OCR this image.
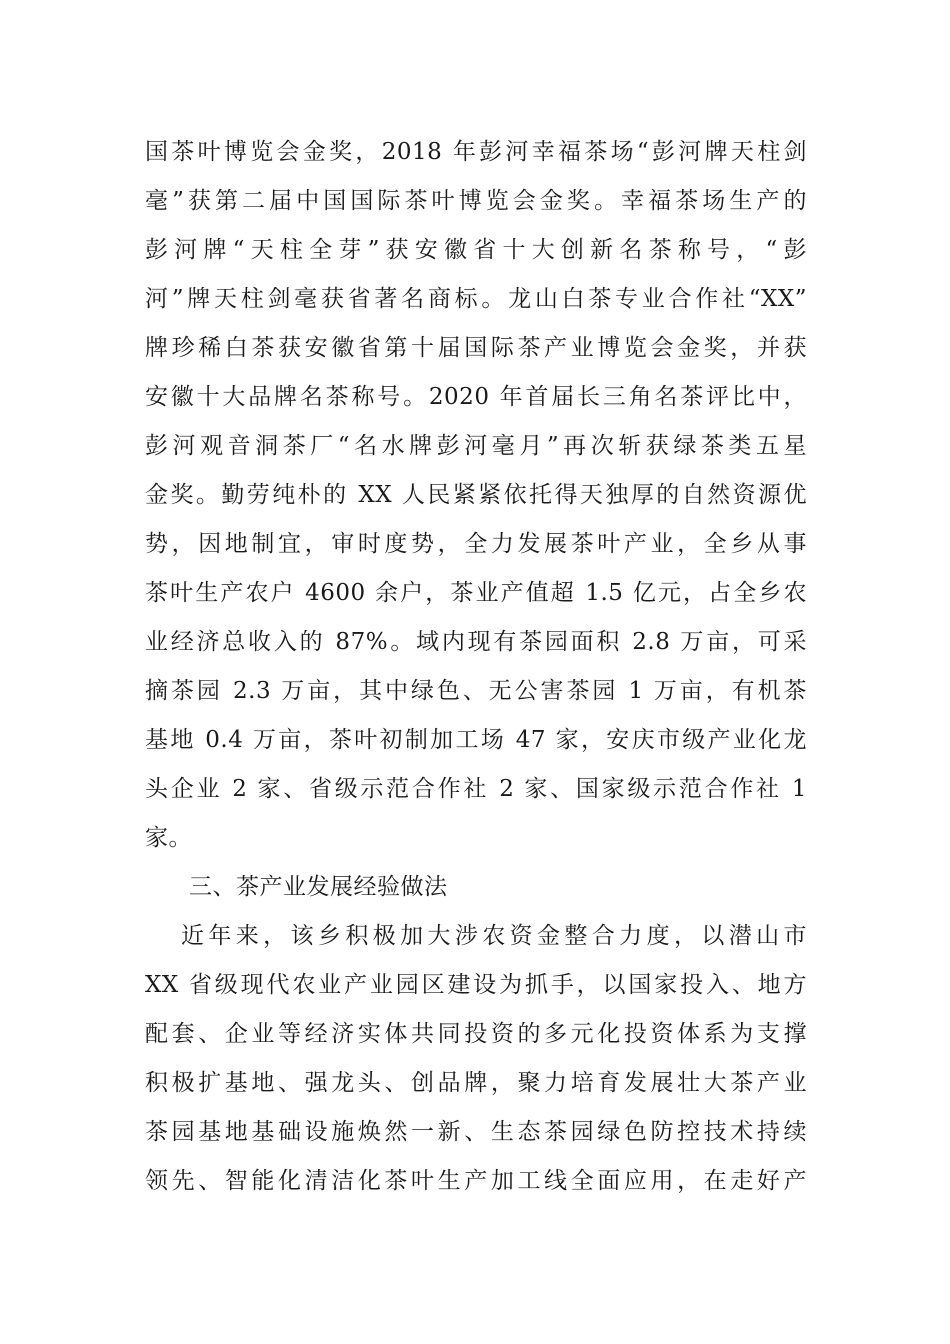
国茶叶博览会金奖，2018 年彭河幸福茶场“彭河牌天柱剑
毫”获第二届中国国际茶叶博览会金奖。幸福茶场生产的
彭河牌“天柱全芽”获安徽省十大创新名茶称号，“彭
河”牌天柱剑毫获省著名商标。龙山白茶专业合作社“XX”
牌珍稀白茶获安徽省第十届国际茶产业博览会金奖，并获
安徽十大品牌名茶称号。2020 年首届长三角名茶评比中，
彭河观音洞茶厂“名水牌彭河毫月”再次斩获绿茶类五星
金奖。勤劳纯朴的 XX 人民紧紧依托得天独厚的自然资源优
势，因地制宜，审时度势，全力发展茶叶产业，全乡从事
茶叶生产农户 4600 余户，茶业产值超 1.5 亿元，占全乡农
业经济总收入的 87%。域内现有茶园面积 2.8 万亩，可采
摘茶园 2.3 万亩，其中绿色、无公害茶园 1 万亩，有机茶
基地 0.4 万亩，茶叶初制加工场 47 家，安庆市级产业化龙
头企业 2 家、省级示范合作社 2 家、国家级示范合作社 1
家。
三、茶产业发展经验做法
近年来，该乡积极加大涉农资金整合力度，以潜山市
XX 省级现代农业产业园区建设为抓手，以国家投入、地方
配套、企业等经济实体共同投资的多元化投资体系为支撑
积极扩基地、强龙头、创品牌，聚力培育发展壮大茶产业
茶园基地基础设施焕然一新、生态茶园绿色防控技术持续
领先、智能化清洁化茶叶生产加工线全面应用，在走好产
